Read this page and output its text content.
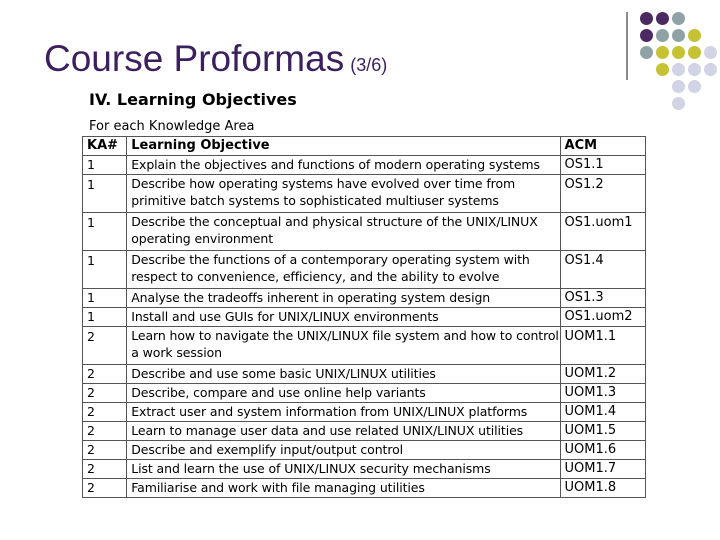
Course Proformas (3/6)
IV. Learning Objectives
For each Knowledge Area
KA#	Learning Objective	ACM
1	Explain the objectives and functions of modern operating systems	OS1.1
1	Describe how operating systems have evolved over time from primitive batch systems to sophisticated multiuser systems	OS1.2
1	Describe the conceptual and physical structure of the UNIX/LINUX operating environment	OS1.uom1
1	Describe the functions of a contemporary operating system with respect to convenience, efficiency, and the ability to evolve	OS1.4
1	Analyse the tradeoffs inherent in operating system design	OS1.3
1	Install and use GUIs for UNIX/LINUX environments	OS1.uom2
2	Learn how to navigate the UNIX/LINUX file system and how to control a work session	UOM1.1
2	Describe and use some basic UNIX/LINUX utilities	UOM1.2
2	Describe, compare and use online help variants	UOM1.3
2	Extract user and system information from UNIX/LINUX platforms	UOM1.4
2	Learn to manage user data and use related UNIX/LINUX utilities	UOM1.5
2	Describe and exemplify input/output control	UOM1.6
2	List and learn the use of UNIX/LINUX security mechanisms	UOM1.7
2	Familiarise and work with file managing utilities	UOM1.8
